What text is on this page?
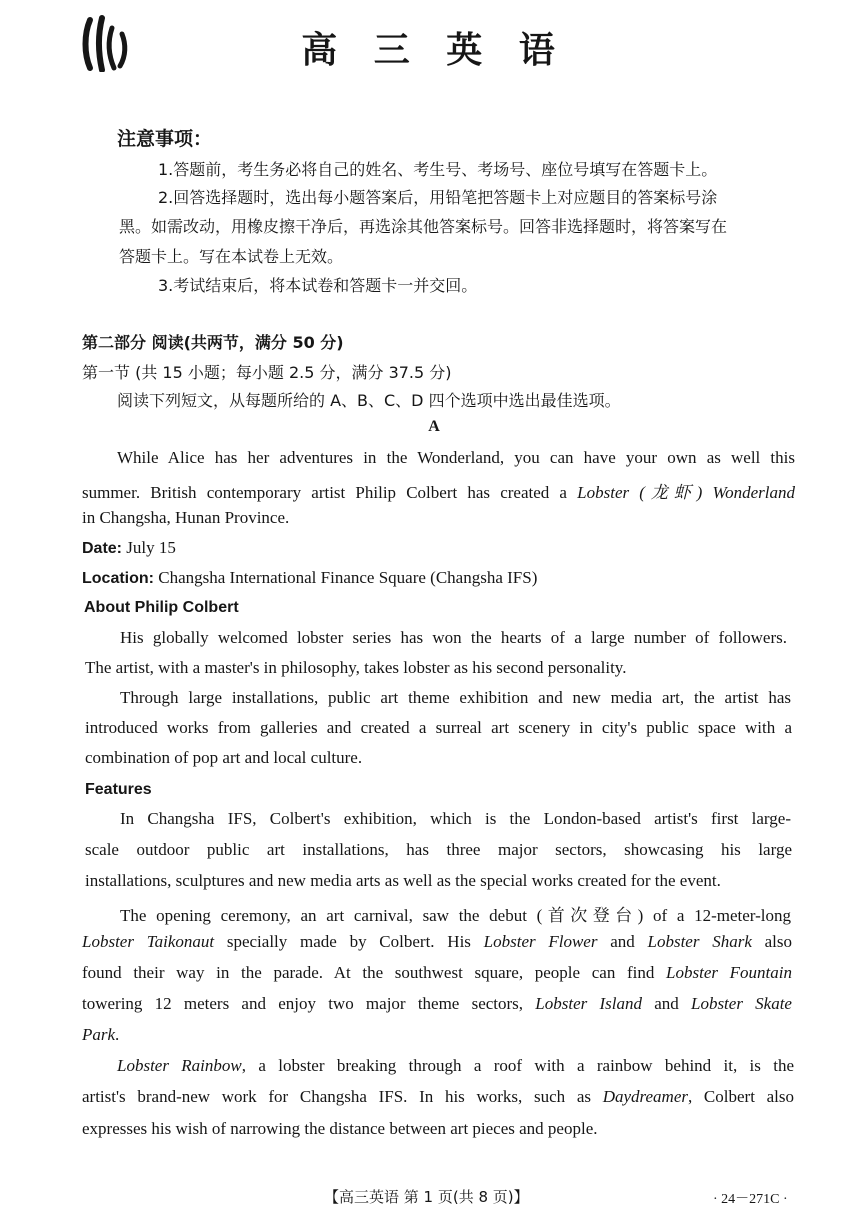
高 三 英 语
注意事项：
1.答题前，考生务必将自己的姓名、考生号、考场号、座位号填写在答题卡上。
2.回答选择题时，选出每小题答案后，用铅笔把答题卡上对应题目的答案标号涂
黑。如需改动，用橡皮擦干净后，再选涂其他答案标号。回答非选择题时，将答案写在
答题卡上。写在本试卷上无效。
3.考试结束后，将本试卷和答题卡一并交回。
第二部分 阅读(共两节，满分 50 分)
第一节 (共 15 小题；每小题 2.5 分，满分 37.5 分)
阅读下列短文，从每题所给的 A、B、C、D 四个选项中选出最佳选项。
A
While Alice has her adventures in the Wonderland, you can have your own as well this
summer. British contemporary artist Philip Colbert has created a Lobster (龙虾) Wonderland
in Changsha, Hunan Province.
Date: July 15
Location: Changsha International Finance Square (Changsha IFS)
About Philip Colbert
His globally welcomed lobster series has won the hearts of a large number of followers.
The artist, with a master's in philosophy, takes lobster as his second personality.
Through large installations, public art theme exhibition and new media art, the artist has
introduced works from galleries and created a surreal art scenery in city's public space with a
combination of pop art and local culture.
Features
In Changsha IFS, Colbert's exhibition, which is the London-based artist's first large-
scale outdoor public art installations, has three major sectors, showcasing his large
installations, sculptures and new media arts as well as the special works created for the event.
The opening ceremony, an art carnival, saw the debut (首次登台) of a 12-meter-long
Lobster Taikonaut specially made by Colbert. His Lobster Flower and Lobster Shark also
found their way in the parade. At the southwest square, people can find Lobster Fountain
towering 12 meters and enjoy two major theme sectors, Lobster Island and Lobster Skate
Park.
Lobster Rainbow, a lobster breaking through a roof with a rainbow behind it, is the
artist's brand-new work for Changsha IFS. In his works, such as Daydreamer, Colbert also
expresses his wish of narrowing the distance between art pieces and people.
【高三英语 第 1 页(共 8 页)】	· 24－271C ·
